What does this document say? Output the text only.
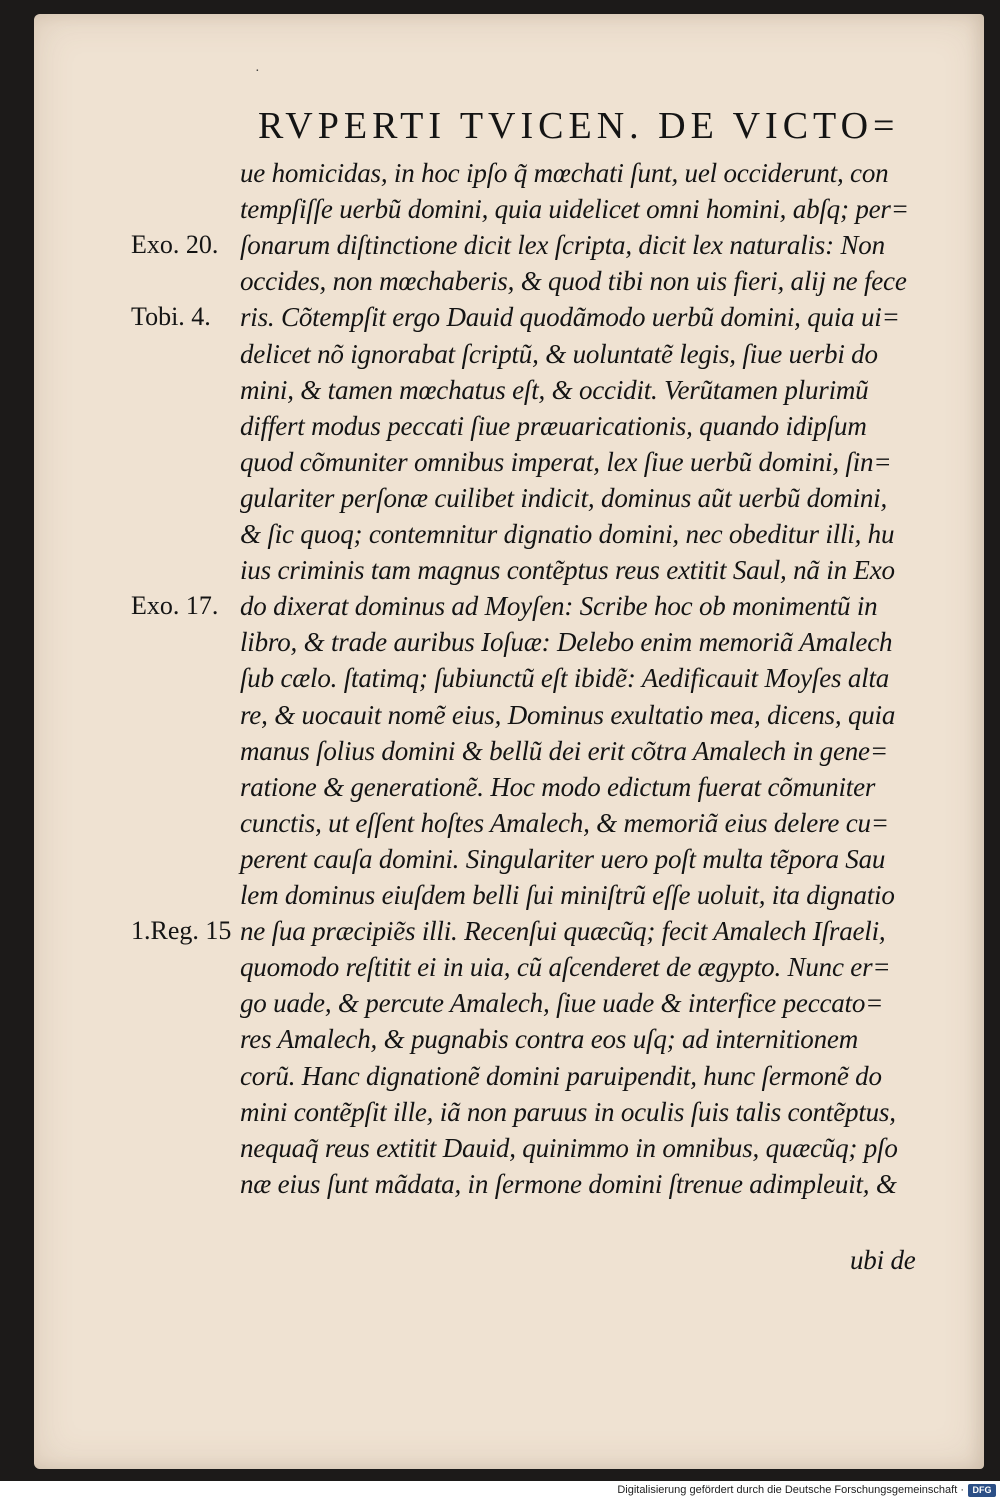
·
RVPERTI TVICEN. DE VICTO=
ue homicidas, in hoc ipſo q̃ mœchati ſunt, uel occiderunt, con
tempſiſſe uerbũ domini, quia uidelicet omni homini, abſq; per=
ſonarum diſtinctione dicit lex ſcripta, dicit lex naturalis: Non
occides, non mœchaberis, & quod tibi non uis fieri, alij ne fece
ris. Cõtempſit ergo Dauid quodãmodo uerbũ domini, quia ui=
delicet nõ ignorabat ſcriptũ, & uoluntatẽ legis, ſiue uerbi do
mini, & tamen mœchatus eſt, & occidit. Verũtamen plurimũ
differt modus peccati ſiue præuaricationis, quando idipſum
quod cõmuniter omnibus imperat, lex ſiue uerbũ domini, ſin=
gulariter perſonæ cuilibet indicit, dominus aũt uerbũ domini,
& ſic quoq; contemnitur dignatio domini, nec obeditur illi, hu
ius criminis tam magnus contẽptus reus extitit Saul, nã in Exo
do dixerat dominus ad Moyſen: Scribe hoc ob monimentũ in
libro, & trade auribus Ioſuæ: Delebo enim memoriã Amalech
ſub cælo. ſtatimq; ſubiunctũ eſt ibidẽ: Aedificauit Moyſes alta
re, & uocauit nomẽ eius, Dominus exultatio mea, dicens, quia
manus ſolius domini & bellũ dei erit cõtra Amalech in gene=
ratione & generationẽ. Hoc modo edictum fuerat cõmuniter
cunctis, ut eſſent hoſtes Amalech, & memoriã eius delere cu=
perent cauſa domini. Singulariter uero poſt multa tẽpora Sau
lem dominus eiuſdem belli ſui miniſtrũ eſſe uoluit, ita dignatio
ne ſua præcipiẽs illi. Recenſui quæcũq; fecit Amalech Iſraeli,
quomodo reſtitit ei in uia, cũ aſcenderet de ægypto. Nunc er=
go uade, & percute Amalech, ſiue uade & interfice peccato=
res Amalech, & pugnabis contra eos uſq; ad internitionem
corũ. Hanc dignationẽ domini paruipendit, hunc ſermonẽ do
mini contẽpſit ille, iã non paruus in oculis ſuis talis contẽptus,
nequaq̃ reus extitit Dauid, quinimmo in omnibus, quæcũq; pſo
næ eius ſunt mãdata, in ſermone domini ſtrenue adimpleuit, &
Exo. 20.
Tobi. 4.
Exo. 17.
1.Reg. 15
ubi de
Digitalisierung gefördert durch die Deutsche Forschungsgemeinschaft · DFG
